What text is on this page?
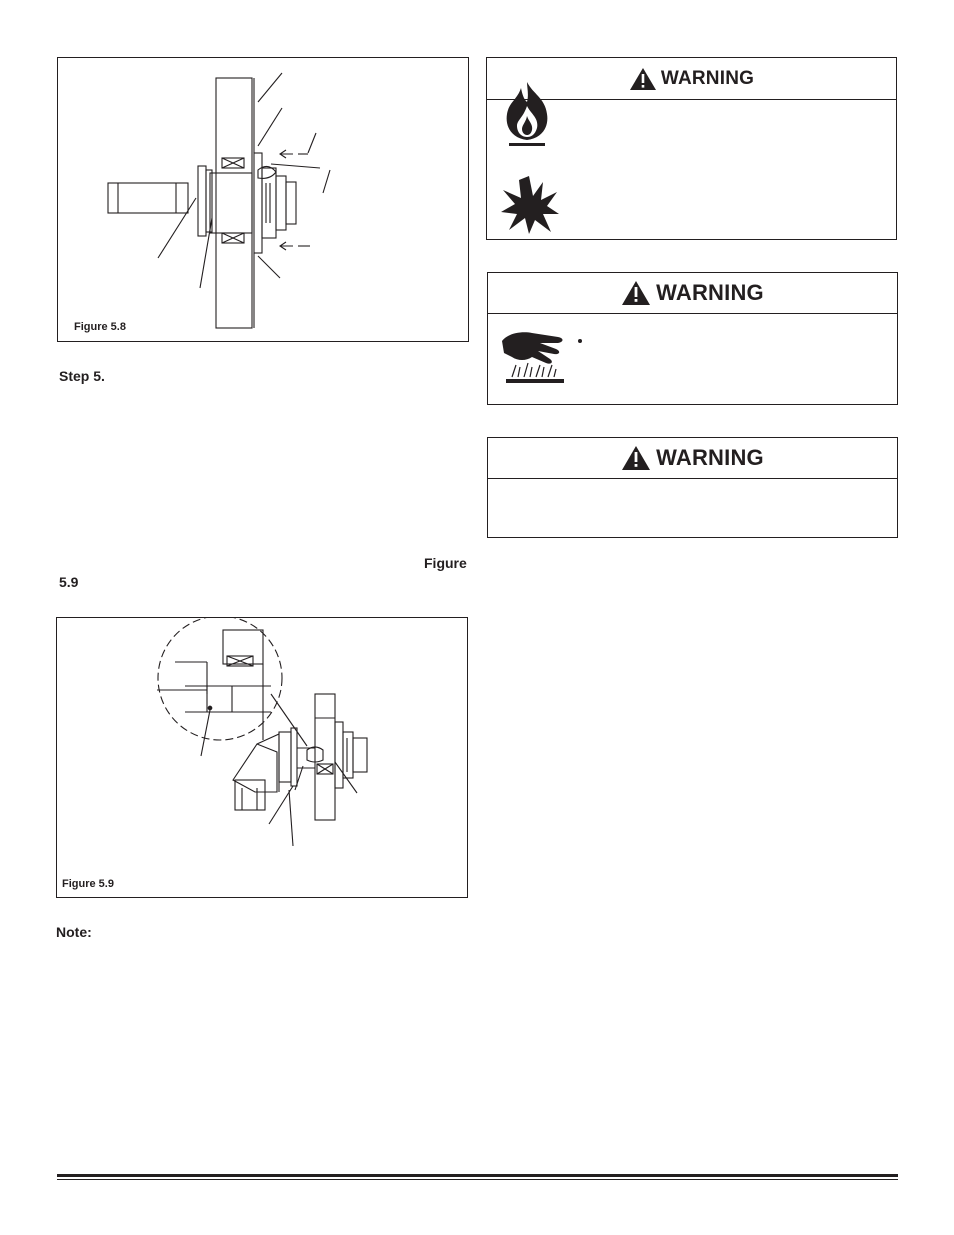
Figure 5.8
Step 5.
Figure
5.9
Figure 5.9
Note:
WARNING
WARNING
WARNING
